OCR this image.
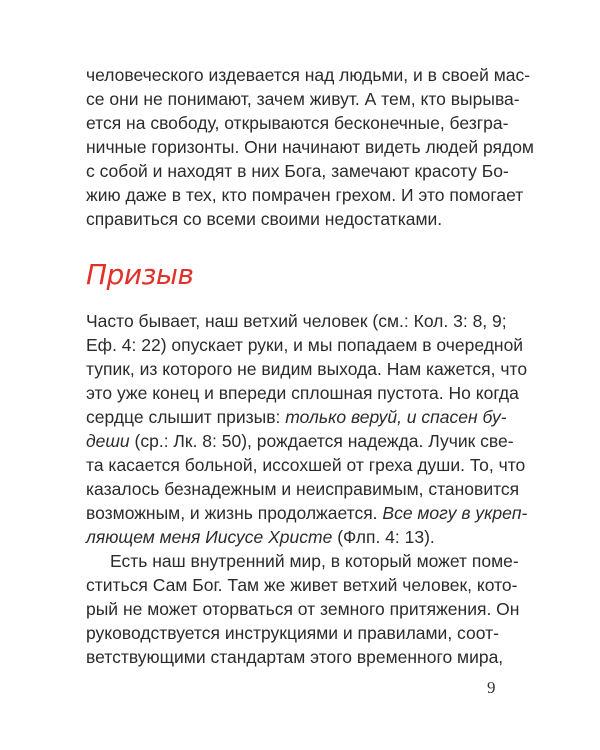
человеческого издевается над людьми, и в своей мас-
се они не понимают, зачем живут. А тем, кто вырыва-
ется на свободу, открываются бесконечные, безгра-
ничные горизонты. Они начинают видеть людей рядом
с собой и находят в них Бога, замечают красоту Бо-
жию даже в тех, кто помрачен грехом. И это помогает
справиться со всеми своими недостатками.
Призыв
Часто бывает, наш ветхий человек (см.: Кол. 3: 8, 9;
Еф. 4: 22) опускает руки, и мы попадаем в очередной
тупик, из которого не видим выхода. Нам кажется, что
это уже конец и впереди сплошная пустота. Но когда
сердце слышит призыв: только веруй, и спасен бу-
деши (ср.: Лк. 8: 50), рождается надежда. Лучик све-
та касается больной, иссохшей от греха души. То, что
казалось безнадежным и неисправимым, становится
возможным, и жизнь продолжается. Все могу в укреп-
ляющем меня Иисусе Христе (Флп. 4: 13).
Есть наш внутренний мир, в который может поме-
ститься Сам Бог. Там же живет ветхий человек, кото-
рый не может оторваться от земного притяжения. Он
руководствуется инструкциями и правилами, соот-
ветствующими стандартам этого временного мира,
9
